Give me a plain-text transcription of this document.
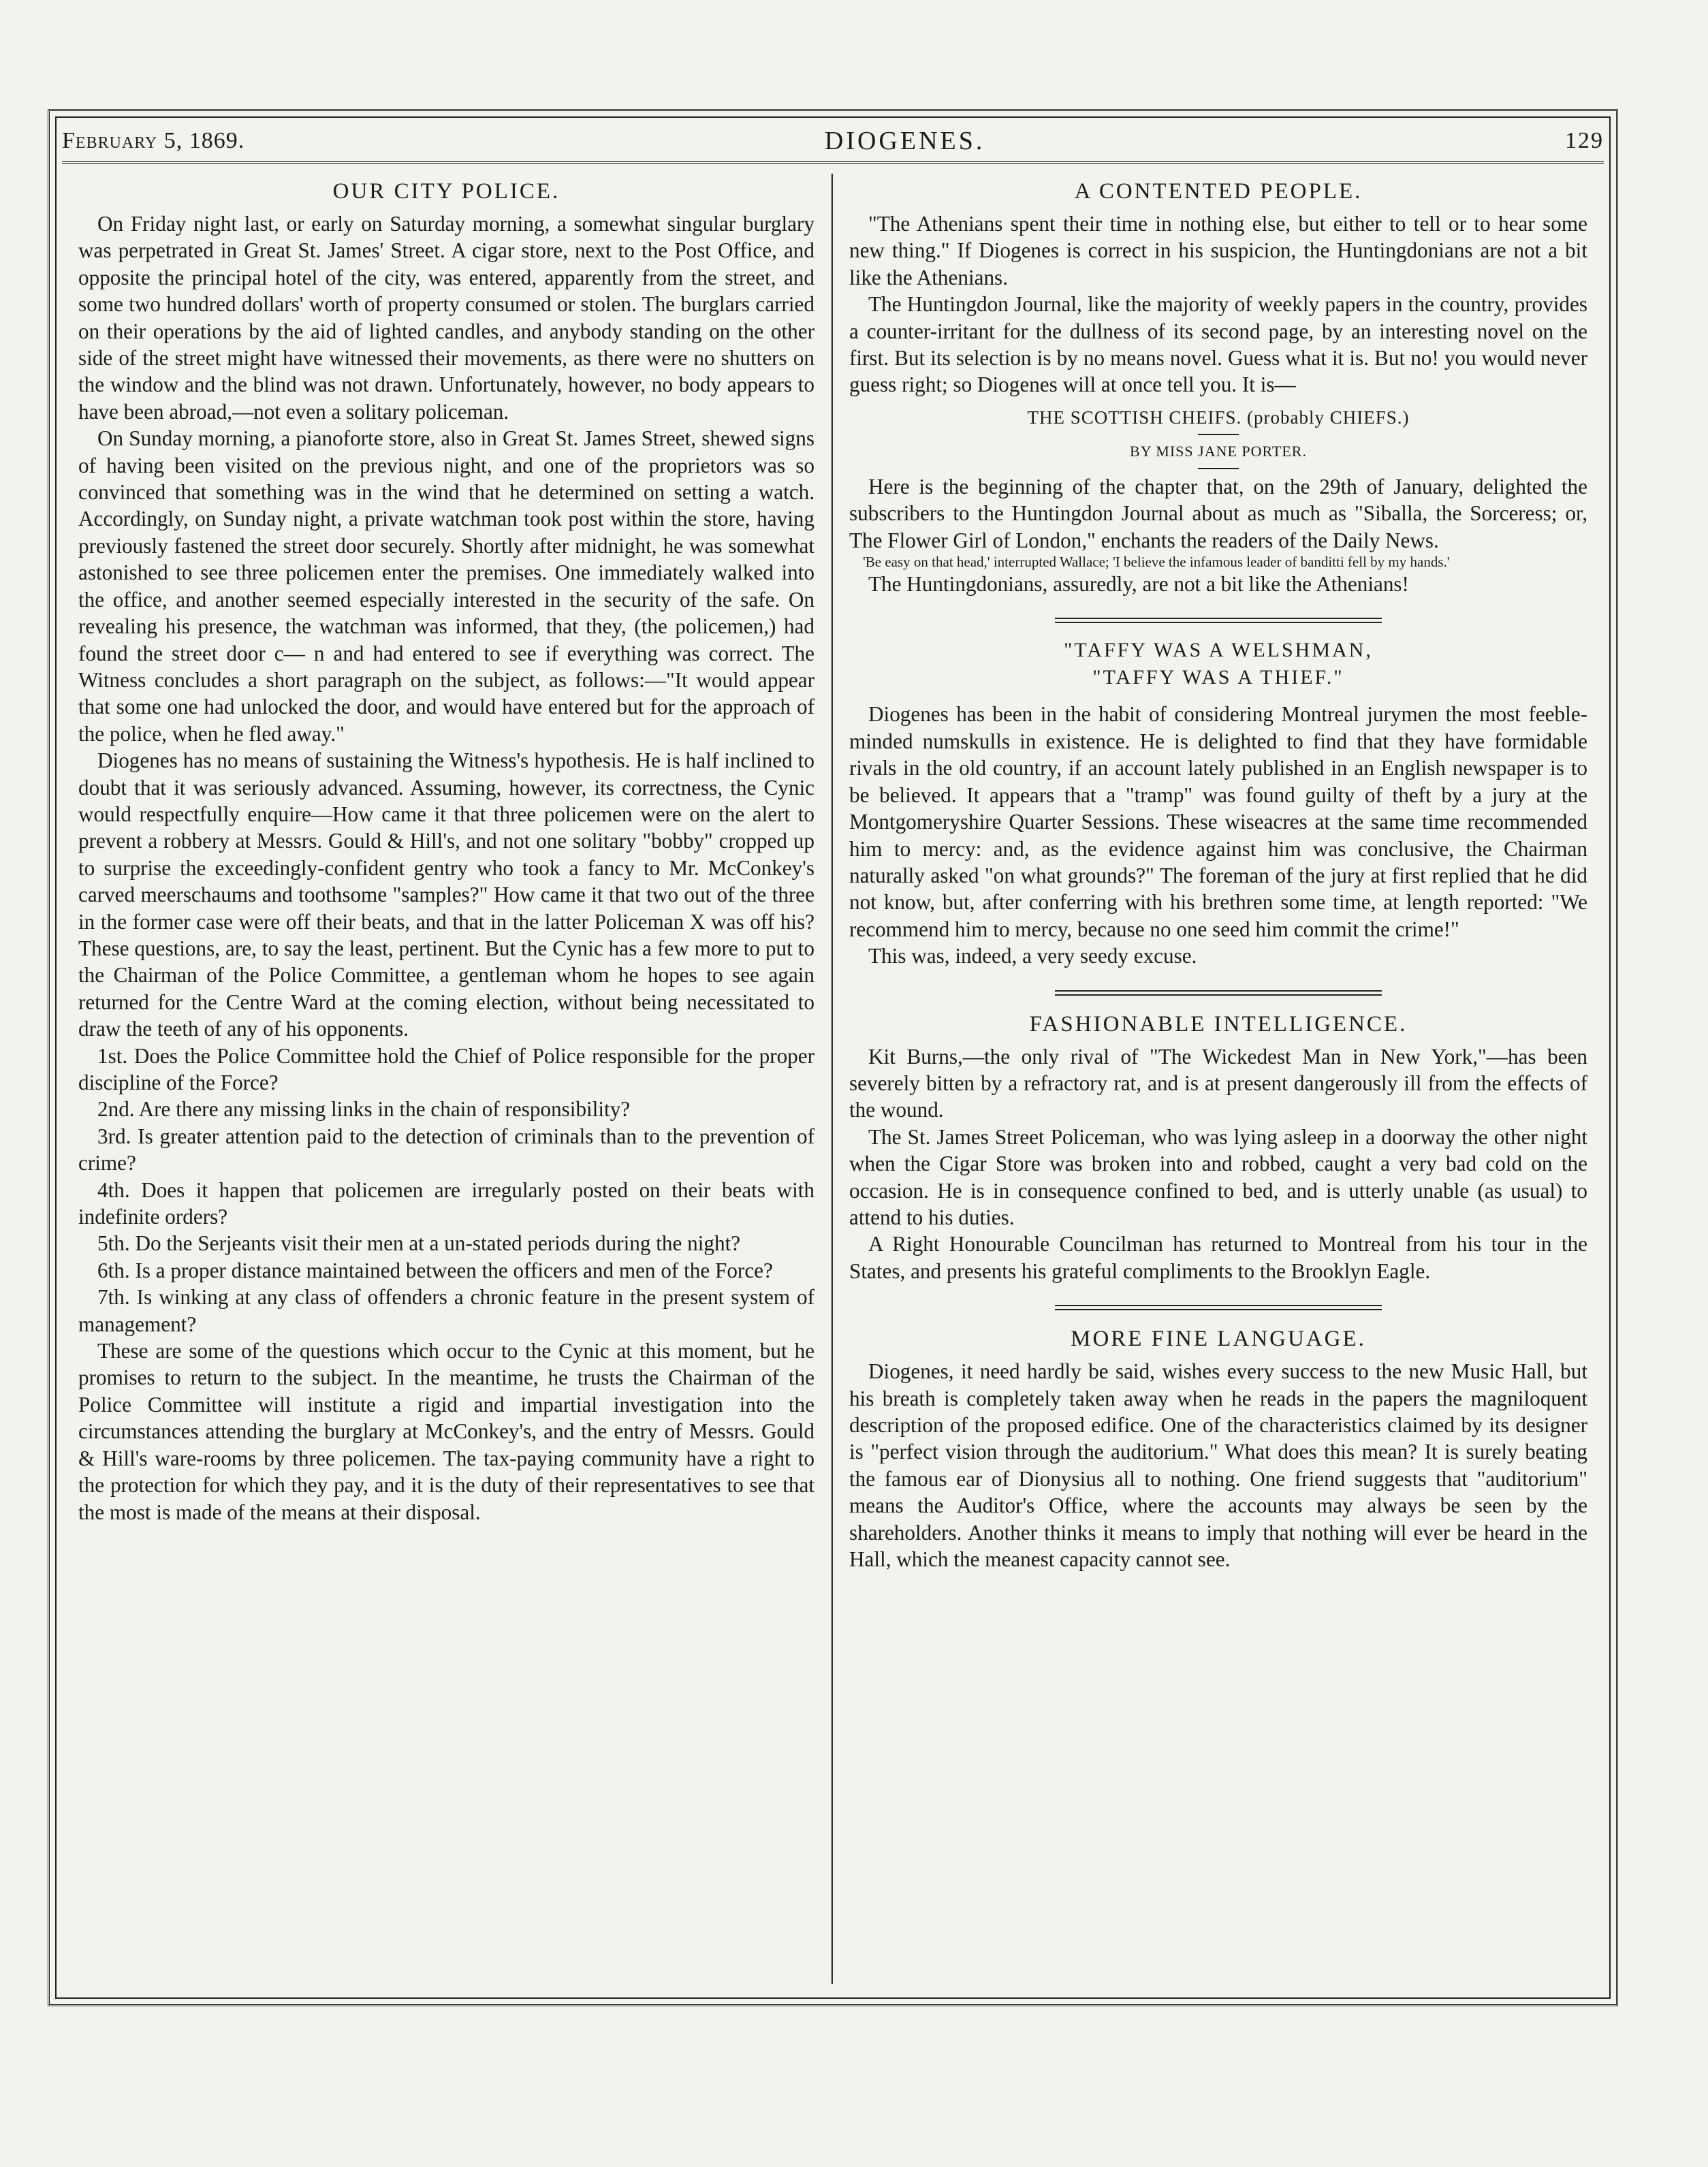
February 5, 1869.	DIOGENES.	129
OUR CITY POLICE.

On Friday night last, or early on Saturday morning, a somewhat singular burglary was perpetrated in Great St. James' Street. A cigar store, next to the Post Office, and opposite the principal hotel of the city, was entered, apparently from the street, and some two hundred dollars' worth of property consumed or stolen. The burglars carried on their operations by the aid of lighted candles, and anybody standing on the other side of the street might have witnessed their movements, as there were no shutters on the window and the blind was not drawn. Unfortunately, however, no body appears to have been abroad,—not even a solitary policeman.

On Sunday morning, a pianoforte store, also in Great St. James Street, shewed signs of having been visited on the previous night, and one of the proprietors was so convinced that something was in the wind that he determined on setting a watch. Accordingly, on Sunday night, a private watchman took post within the store, having previously fastened the street door securely. Shortly after midnight, he was somewhat astonished to see three policemen enter the premises. One immediately walked into the office, and another seemed especially interested in the security of the safe. On revealing his presence, the watchman was informed, that they, (the policemen,) had found the street door c— n and had entered to see if everything was correct. The Witness concludes a short paragraph on the subject, as follows:—"It would appear that some one had unlocked the door, and would have entered but for the approach of the police, when he fled away."

Diogenes has no means of sustaining the Witness's hypothesis. He is half inclined to doubt that it was seriously advanced. Assuming, however, its correctness, the Cynic would respectfully enquire—How came it that three policemen were on the alert to prevent a robbery at Messrs. Gould & Hill's, and not one solitary "bobby" cropped up to surprise the exceedingly-confident gentry who took a fancy to Mr. McConkey's carved meerschaums and toothsome "samples?" How came it that two out of the three in the former case were off their beats, and that in the latter Policeman X was off his? These questions, are, to say the least, pertinent. But the Cynic has a few more to put to the Chairman of the Police Committee, a gentleman whom he hopes to see again returned for the Centre Ward at the coming election, without being necessitated to draw the teeth of any of his opponents.

1st. Does the Police Committee hold the Chief of Police responsible for the proper discipline of the Force?

2nd. Are there any missing links in the chain of responsibility?

3rd. Is greater attention paid to the detection of criminals than to the prevention of crime?

4th. Does it happen that policemen are irregularly posted on their beats with indefinite orders?

5th. Do the Serjeants visit their men at a un-stated periods during the night?

6th. Is a proper distance maintained between the officers and men of the Force?

7th. Is winking at any class of offenders a chronic feature in the present system of management?

These are some of the questions which occur to the Cynic at this moment, but he promises to return to the subject. In the meantime, he trusts the Chairman of the Police Committee will institute a rigid and impartial investigation into the circumstances attending the burglary at McConkey's, and the entry of Messrs. Gould & Hill's ware-rooms by three policemen. The tax-paying community have a right to the protection for which they pay, and it is the duty of their representatives to see that the most is made of the means at their disposal.

A CONTENTED PEOPLE.

"The Athenians spent their time in nothing else, but either to tell or to hear some new thing." If Diogenes is correct in his suspicion, the Huntingdonians are not a bit like the Athenians.

The Huntingdon Journal, like the majority of weekly papers in the country, provides a counter-irritant for the dullness of its second page, by an interesting novel on the first. But its selection is by no means novel. Guess what it is. But no! you would never guess right; so Diogenes will at once tell you. It is—

THE SCOTTISH CHEIFS. (probably CHIEFS.)
BY MISS JANE PORTER.

Here is the beginning of the chapter that, on the 29th of January, delighted the subscribers to the Huntingdon Journal about as much as "Siballa, the Sorceress; or, The Flower Girl of London," enchants the readers of the Daily News.

'Be easy on that head,' interrupted Wallace; 'I believe the infamous leader of banditti fell by my hands.'

The Huntingdonians, assuredly, are not a bit like the Athenians!

"TAFFY WAS A WELSHMAN,
"TAFFY WAS A THIEF."

Diogenes has been in the habit of considering Montreal jurymen the most feeble-minded numskulls in existence. He is delighted to find that they have formidable rivals in the old country, if an account lately published in an English newspaper is to be believed. It appears that a "tramp" was found guilty of theft by a jury at the Montgomeryshire Quarter Sessions. These wiseacres at the same time recommended him to mercy: and, as the evidence against him was conclusive, the Chairman naturally asked "on what grounds?" The foreman of the jury at first replied that he did not know, but, after conferring with his brethren some time, at length reported: "We recommend him to mercy, because no one seed him commit the crime!"

This was, indeed, a very seedy excuse.

FASHIONABLE INTELLIGENCE.

Kit Burns,—the only rival of "The Wickedest Man in New York,"—has been severely bitten by a refractory rat, and is at present dangerously ill from the effects of the wound.

The St. James Street Policeman, who was lying asleep in a doorway the other night when the Cigar Store was broken into and robbed, caught a very bad cold on the occasion. He is in consequence confined to bed, and is utterly unable (as usual) to attend to his duties.

A Right Honourable Councilman has returned to Montreal from his tour in the States, and presents his grateful compliments to the Brooklyn Eagle.

MORE FINE LANGUAGE.

Diogenes, it need hardly be said, wishes every success to the new Music Hall, but his breath is completely taken away when he reads in the papers the magniloquent description of the proposed edifice. One of the characteristics claimed by its designer is "perfect vision through the auditorium." What does this mean? It is surely beating the famous ear of Dionysius all to nothing. One friend suggests that "auditorium" means the Auditor's Office, where the accounts may always be seen by the shareholders. Another thinks it means to imply that nothing will ever be heard in the Hall, which the meanest capacity cannot see.
